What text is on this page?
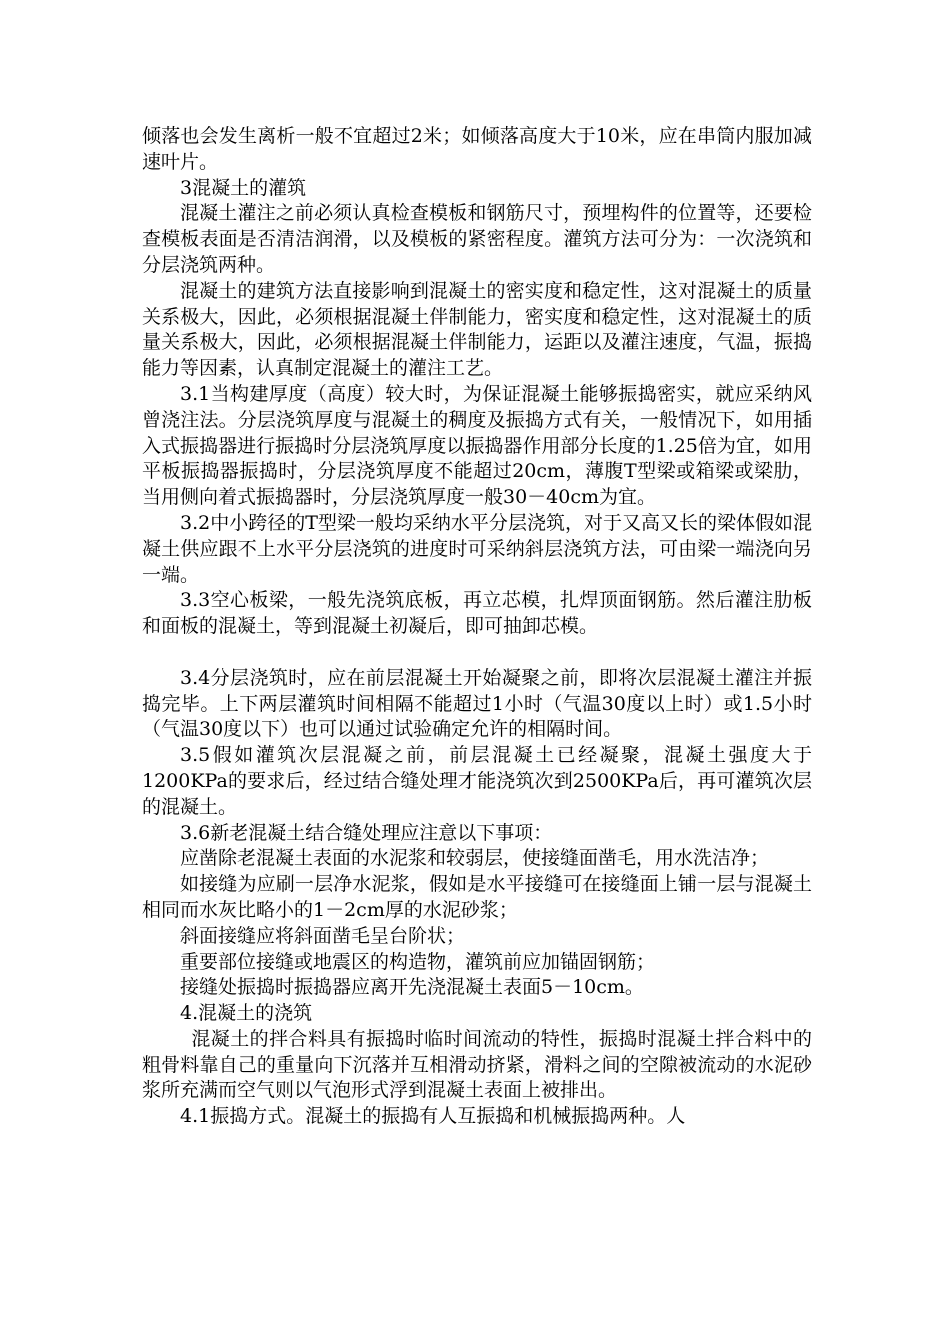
倾落也会发生离析一般不宜超过2米；如倾落高度大于10米，应在串筒内服加减速叶片。

3混凝土的灌筑

混凝土灌注之前必须认真检查模板和钢筋尺寸，预埋构件的位置等，还要检查模板表面是否清洁润滑，以及模板的紧密程度。灌筑方法可分为：一次浇筑和分层浇筑两种。

混凝土的建筑方法直接影响到混凝土的密实度和稳定性，这对混凝土的质量关系极大，因此，必须根据混凝土伴制能力，密实度和稳定性，这对混凝土的质量关系极大，因此，必须根据混凝土伴制能力，运距以及灌注速度，气温，振捣能力等因素，认真制定混凝土的灌注工艺。

3.1当构建厚度（高度）较大时，为保证混凝土能够振捣密实，就应采纳风曾浇注法。分层浇筑厚度与混凝土的稠度及振捣方式有关，一般情况下，如用插入式振捣器进行振捣时分层浇筑厚度以振捣器作用部分长度的1.25倍为宜，如用平板振捣器振捣时，分层浇筑厚度不能超过20cm，薄腹T型梁或箱梁或梁肋，当用侧向着式振捣器时，分层浇筑厚度一般30－40cm为宜。

3.2中小跨径的T型梁一般均采纳水平分层浇筑，对于又高又长的梁体假如混凝土供应跟不上水平分层浇筑的进度时可采纳斜层浇筑方法，可由梁一端浇向另一端。

3.3空心板梁，一般先浇筑底板，再立芯模，扎焊顶面钢筋。然后灌注肋板和面板的混凝土，等到混凝土初凝后，即可抽卸芯模。

3.4分层浇筑时，应在前层混凝土开始凝聚之前，即将次层混凝土灌注并振捣完毕。上下两层灌筑时间相隔不能超过1小时（气温30度以上时）或1.5小时（气温30度以下）也可以通过试验确定允许的相隔时间。

3.5假如灌筑次层混凝之前，前层混凝土已经凝聚，混凝土强度大于1200KPa的要求后，经过结合缝处理才能浇筑次到2500KPa后，再可灌筑次层的混凝土。

3.6新老混凝土结合缝处理应注意以下事项：

应凿除老混凝土表面的水泥浆和较弱层，使接缝面凿毛，用水洗洁净；

如接缝为应刷一层净水泥浆，假如是水平接缝可在接缝面上铺一层与混凝土相同而水灰比略小的1－2cm厚的水泥砂浆；

斜面接缝应将斜面凿毛呈台阶状；

重要部位接缝或地震区的构造物，灌筑前应加锚固钢筋；

接缝处振捣时振捣器应离开先浇混凝土表面5－10cm。

4.混凝土的浇筑

混凝土的拌合料具有振捣时临时间流动的特性，振捣时混凝土拌合料中的粗骨料靠自己的重量向下沉落并互相滑动挤紧，滑料之间的空隙被流动的水泥砂浆所充满而空气则以气泡形式浮到混凝土表面上被排出。

4.1振捣方式。混凝土的振捣有人互振捣和机械振捣两种。人
